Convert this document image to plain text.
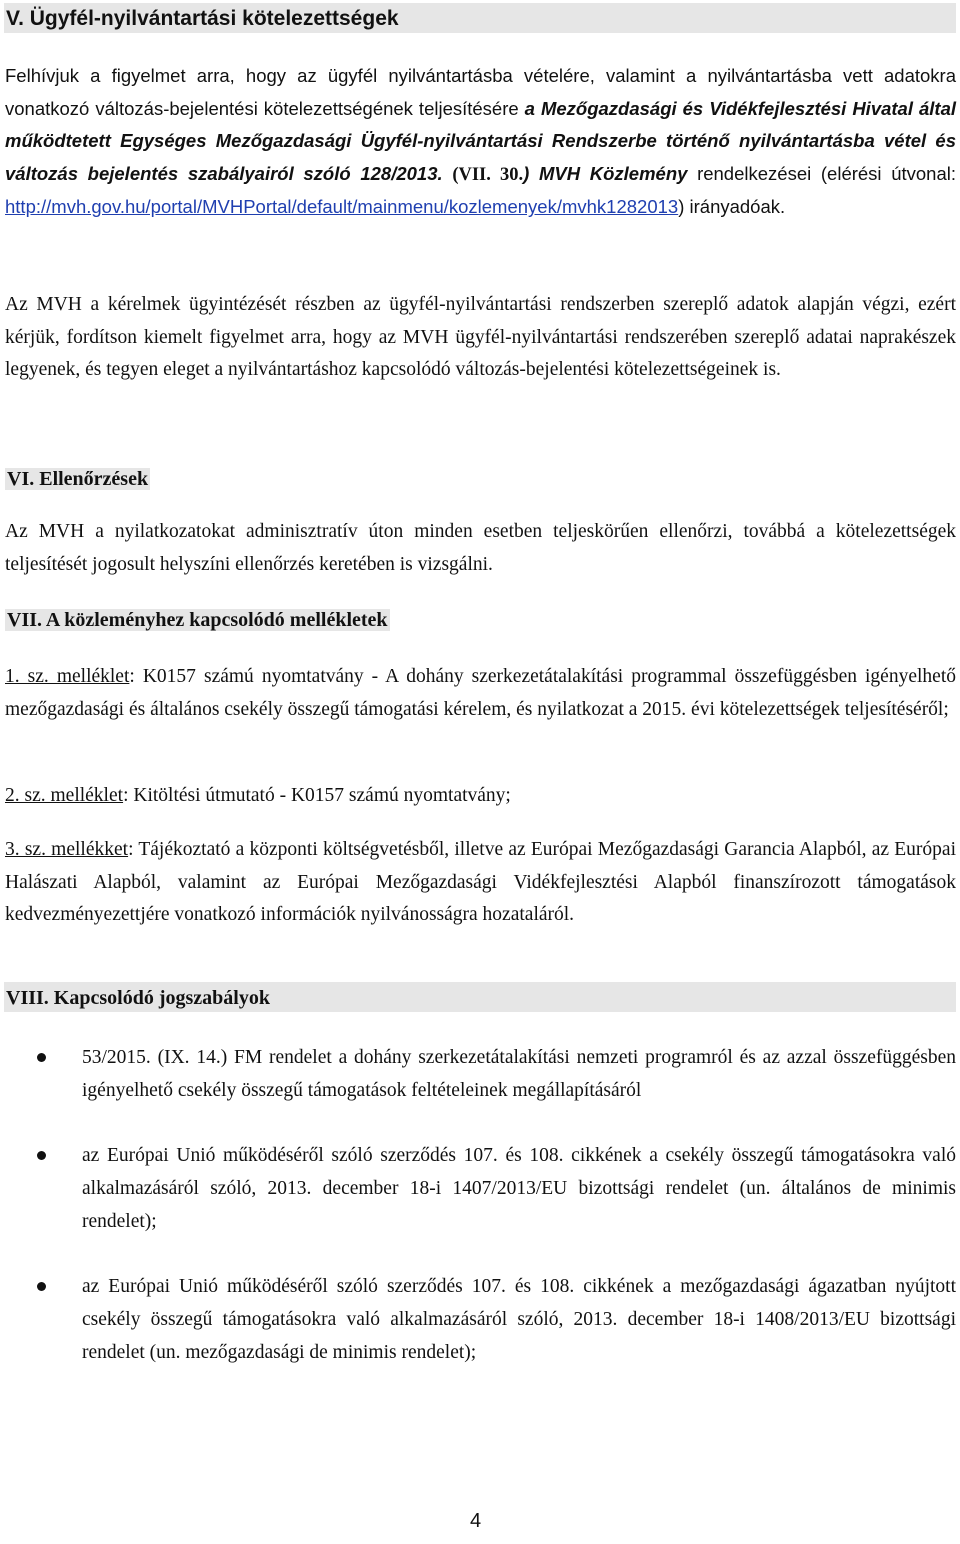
V. Ügyfél-nyilvántartási kötelezettségek

Felhívjuk a figyelmet arra, hogy az ügyfél nyilvántartásba vételére, valamint a nyilvántartásba vett adatokra vonatkozó változás-bejelentési kötelezettségének teljesítésére a Mezőgazdasági és Vidékfejlesztési Hivatal által működtetett Egységes Mezőgazdasági Ügyfél-nyilvántartási Rendszerbe történő nyilvántartásba vétel és változás bejelentés szabályairól szóló 128/2013. (VII. 30.) MVH Közlemény rendelkezései (elérési útvonal: http://mvh.gov.hu/portal/MVHPortal/default/mainmenu/kozlemenyek/mvhk1282013) irányadóak.

Az MVH a kérelmek ügyintézését részben az ügyfél-nyilvántartási rendszerben szereplő adatok alapján végzi, ezért kérjük, fordítson kiemelt figyelmet arra, hogy az MVH ügyfél-nyilvántartási rendszerében szereplő adatai naprakészek legyenek, és tegyen eleget a nyilvántartáshoz kapcsolódó változás-bejelentési kötelezettségeinek is.

VI. Ellenőrzések

Az MVH a nyilatkozatokat adminisztratív úton minden esetben teljeskörűen ellenőrzi, továbbá a kötelezettségek teljesítését jogosult helyszíni ellenőrzés keretében is vizsgálni.

VII. A közleményhez kapcsolódó mellékletek

1. sz. melléklet: K0157 számú nyomtatvány - A dohány szerkezetátalakítási programmal összefüggésben igényelhető mezőgazdasági és általános csekély összegű támogatási kérelem, és nyilatkozat a 2015. évi kötelezettségek teljesítéséről;

2. sz. melléklet: Kitöltési útmutató - K0157 számú nyomtatvány;

3. sz. mellékket: Tájékoztató a központi költségvetésből, illetve az Európai Mezőgazdasági Garancia Alapból, az Európai Halászati Alapból, valamint az Európai Mezőgazdasági Vidékfejlesztési Alapból finanszírozott támogatások kedvezményezettjére vonatkozó információk nyilvánosságra hozataláról.

VIII. Kapcsolódó jogszabályok
53/2015. (IX. 14.) FM rendelet a dohány szerkezetátalakítási nemzeti programról és az azzal összefüggésben igényelhető csekély összegű támogatások feltételeinek megállapításáról
az Európai Unió működéséről szóló szerződés 107. és 108. cikkének a csekély összegű támogatásokra való alkalmazásáról szóló, 2013. december 18-i 1407/2013/EU bizottsági rendelet (un. általános de minimis rendelet);
az Európai Unió működéséről szóló szerződés 107. és 108. cikkének a mezőgazdasági ágazatban nyújtott csekély összegű támogatásokra való alkalmazásáról szóló, 2013. december 18-i 1408/2013/EU bizottsági rendelet (un. mezőgazdasági de minimis rendelet);
4
